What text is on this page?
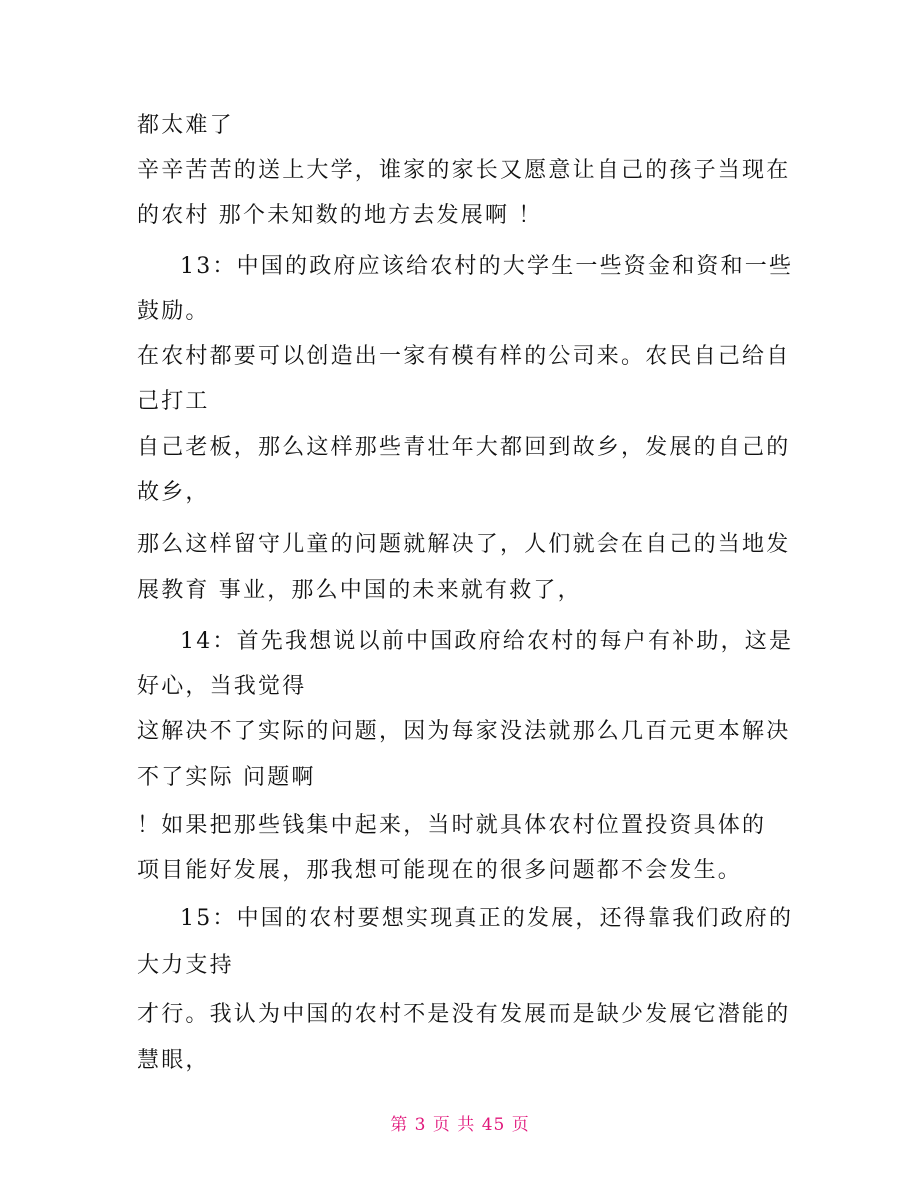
都太难了
辛辛苦苦的送上大学，谁家的家长又愿意让自己的孩子当现在
的农村 那个未知数的地方去发展啊 ！
13：中国的政府应该给农村的大学生一些资金和资和一些
鼓励。
在农村都要可以创造出一家有模有样的公司来。农民自己给自
己打工
自己老板，那么这样那些青壮年大都回到故乡，发展的自己的
故乡，
那么这样留守儿童的问题就解决了，人们就会在自己的当地发
展教育 事业，那么中国的未来就有救了，
14：首先我想说以前中国政府给农村的每户有补助，这是
好心，当我觉得
这解决不了实际的问题，因为每家没法就那么几百元更本解决
不了实际 问题啊
！如果把那些钱集中起来，当时就具体农村位置投资具体的
项目能好发展，那我想可能现在的很多问题都不会发生。
15：中国的农村要想实现真正的发展，还得靠我们政府的
大力支持
才行。我认为中国的农村不是没有发展而是缺少发展它潜能的
慧眼，
第 3 页 共 45 页
